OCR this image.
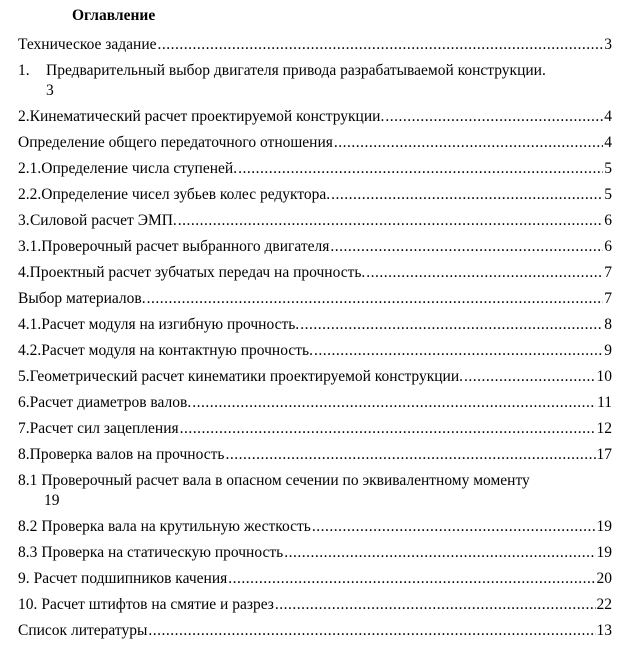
Оглавление
Техническое задание .....	3
1.	Предварительный выбор двигателя привода разрабатываемой конструкции.
3
2. Кинематический расчет проектируемой конструкции. .....	4
Определение общего передаточного отношения .....	4
2.1.Определение числа ступеней. .....	5
2.2.Определение чисел зубьев колес редуктора. .....	5
3. Силовой расчет ЭМП. .....	6
3.1.Проверочный расчет выбранного двигателя .....	6
4. Проектный расчет зубчатых передач на прочность. .....	7
Выбор материалов. .....	7
4.1.Расчет модуля на изгибную прочность. .....	8
4.2.Расчет модуля на контактную прочность. .....	9
5. Геометрический расчет кинематики проектируемой конструкции. .....	10
6. Расчет диаметров валов. .....	11
7. Расчет сил зацепления .....	12
8. Проверка валов на прочность .....	17
8.1 Проверочный расчет вала в опасном сечении по эквивалентному моменту
19
8.2 Проверка вала на крутильную жесткость .....	19
8.3 Проверка на статическую прочность .....	19
9. Расчет подшипников качения .....	20
10. Расчет штифтов на смятие и разрез .....	22
Список литературы .....	13
